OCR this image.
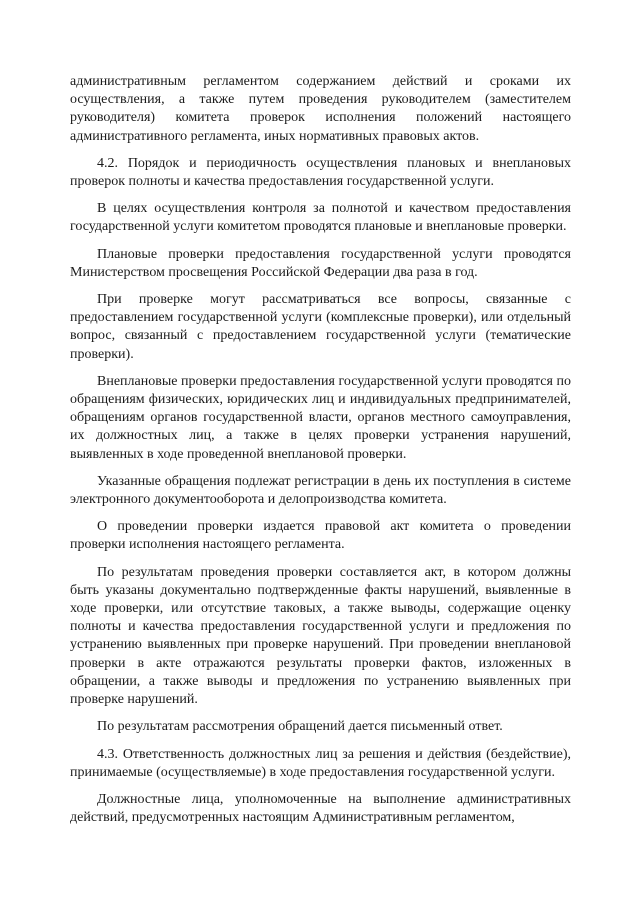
административным регламентом содержанием действий и сроками их осуществления, а также путем проведения руководителем (заместителем руководителя) комитета проверок исполнения положений настоящего административного регламента, иных нормативных правовых актов.

4.2. Порядок и периодичность осуществления плановых и внеплановых проверок полноты и качества предоставления государственной услуги.

В целях осуществления контроля за полнотой и качеством предоставления государственной услуги комитетом проводятся плановые и внеплановые проверки.

Плановые проверки предоставления государственной услуги проводятся Министерством просвещения Российской Федерации два раза в год.

При проверке могут рассматриваться все вопросы, связанные с предоставлением государственной услуги (комплексные проверки), или отдельный вопрос, связанный с предоставлением государственной услуги (тематические проверки).

Внеплановые проверки предоставления государственной услуги проводятся по обращениям физических, юридических лиц и индивидуальных предпринимателей, обращениям органов государственной власти, органов местного самоуправления, их должностных лиц, а также в целях проверки устранения нарушений, выявленных в ходе проведенной внеплановой проверки.

Указанные обращения подлежат регистрации в день их поступления в системе электронного документооборота и делопроизводства комитета.

О проведении проверки издается правовой акт комитета о проведении проверки исполнения настоящего регламента.

По результатам проведения проверки составляется акт, в котором должны быть указаны документально подтвержденные факты нарушений, выявленные в ходе проверки, или отсутствие таковых, а также выводы, содержащие оценку полноты и качества предоставления государственной услуги и предложения по устранению выявленных при проверке нарушений. При проведении внеплановой проверки в акте отражаются результаты проверки фактов, изложенных в обращении, а также выводы и предложения по устранению выявленных при проверке нарушений.

По результатам рассмотрения обращений дается письменный ответ.

4.3. Ответственность должностных лиц за решения и действия (бездействие), принимаемые (осуществляемые) в ходе предоставления государственной услуги.

Должностные лица, уполномоченные на выполнение административных действий, предусмотренных настоящим Административным регламентом,
